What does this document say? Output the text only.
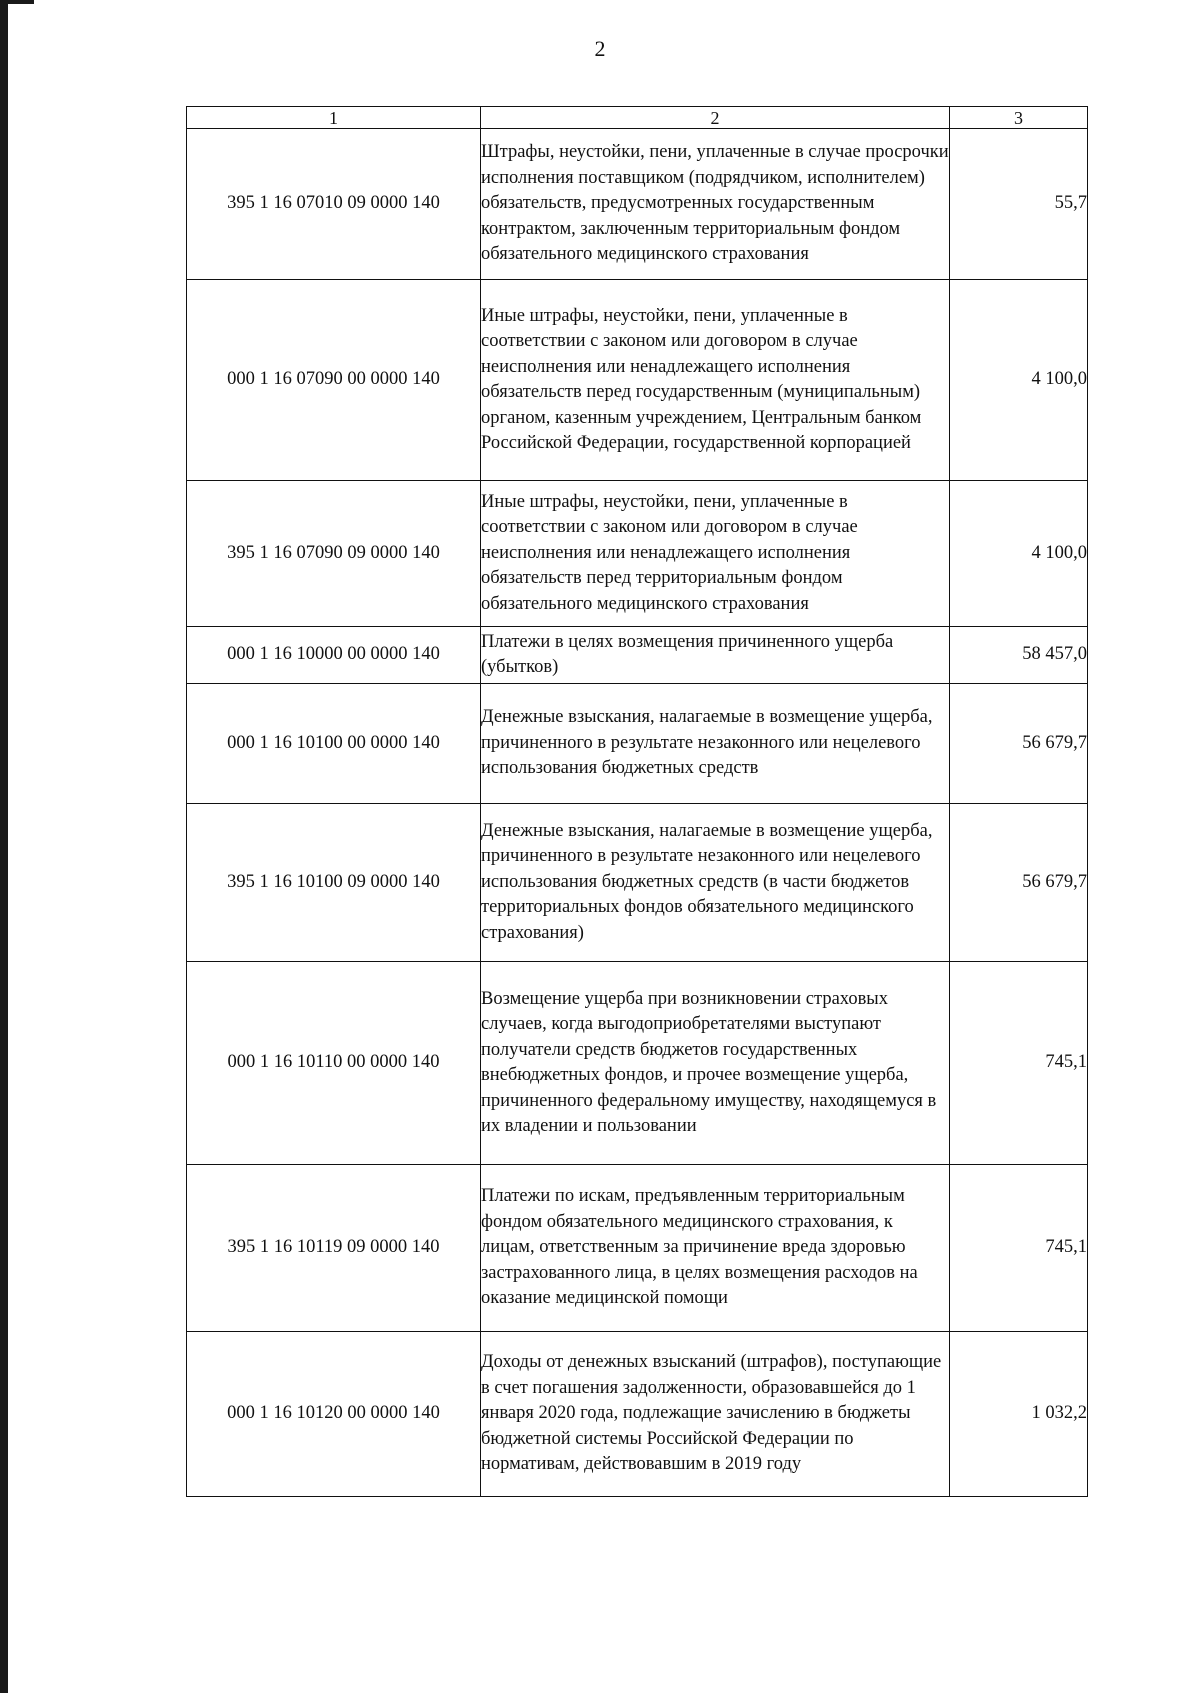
2
1	2	3
395 1 16 07010 09 0000 140	Штрафы, неустойки, пени, уплаченные в случае просрочки исполнения поставщиком (подрядчиком, исполнителем) обязательств, предусмотренных государственным контрактом, заключенным территориальным фондом обязательного медицинского страхования	55,7
000 1 16 07090 00 0000 140	Иные штрафы, неустойки, пени, уплаченные в соответствии с законом или договором в случае неисполнения или ненадлежащего исполнения обязательств перед государственным (муниципальным) органом, казенным учреждением, Центральным банком Российской Федерации, государственной корпорацией	4 100,0
395 1 16 07090 09 0000 140	Иные штрафы, неустойки, пени, уплаченные в соответствии с законом или договором в случае неисполнения или ненадлежащего исполнения обязательств перед территориальным фондом обязательного медицинского страхования	4 100,0
000 1 16 10000 00 0000 140	Платежи в целях возмещения причиненного ущерба (убытков)	58 457,0
000 1 16 10100 00 0000 140	Денежные взыскания, налагаемые в возмещение ущерба, причиненного в результате незаконного или нецелевого использования бюджетных средств	56 679,7
395 1 16 10100 09 0000 140	Денежные взыскания, налагаемые в возмещение ущерба, причиненного в результате незаконного или нецелевого использования бюджетных средств (в части бюджетов территориальных фондов обязательного медицинского страхования)	56 679,7
000 1 16 10110 00 0000 140	Возмещение ущерба при возникновении страховых случаев, когда выгодоприобретателями выступают получатели средств бюджетов государственных внебюджетных фондов, и прочее возмещение ущерба, причиненного федеральному имуществу, находящемуся в их владении и пользовании	745,1
395 1 16 10119 09 0000 140	Платежи по искам, предъявленным территориальным фондом обязательного медицинского страхования, к лицам, ответственным за причинение вреда здоровью застрахованного лица, в целях возмещения расходов на оказание медицинской помощи	745,1
000 1 16 10120 00 0000 140	Доходы от денежных взысканий (штрафов), поступающие в счет погашения задолженности, образовавшейся до 1 января 2020 года, подлежащие зачислению в бюджеты бюджетной системы Российской Федерации по нормативам, действовавшим в 2019 году	1 032,2
